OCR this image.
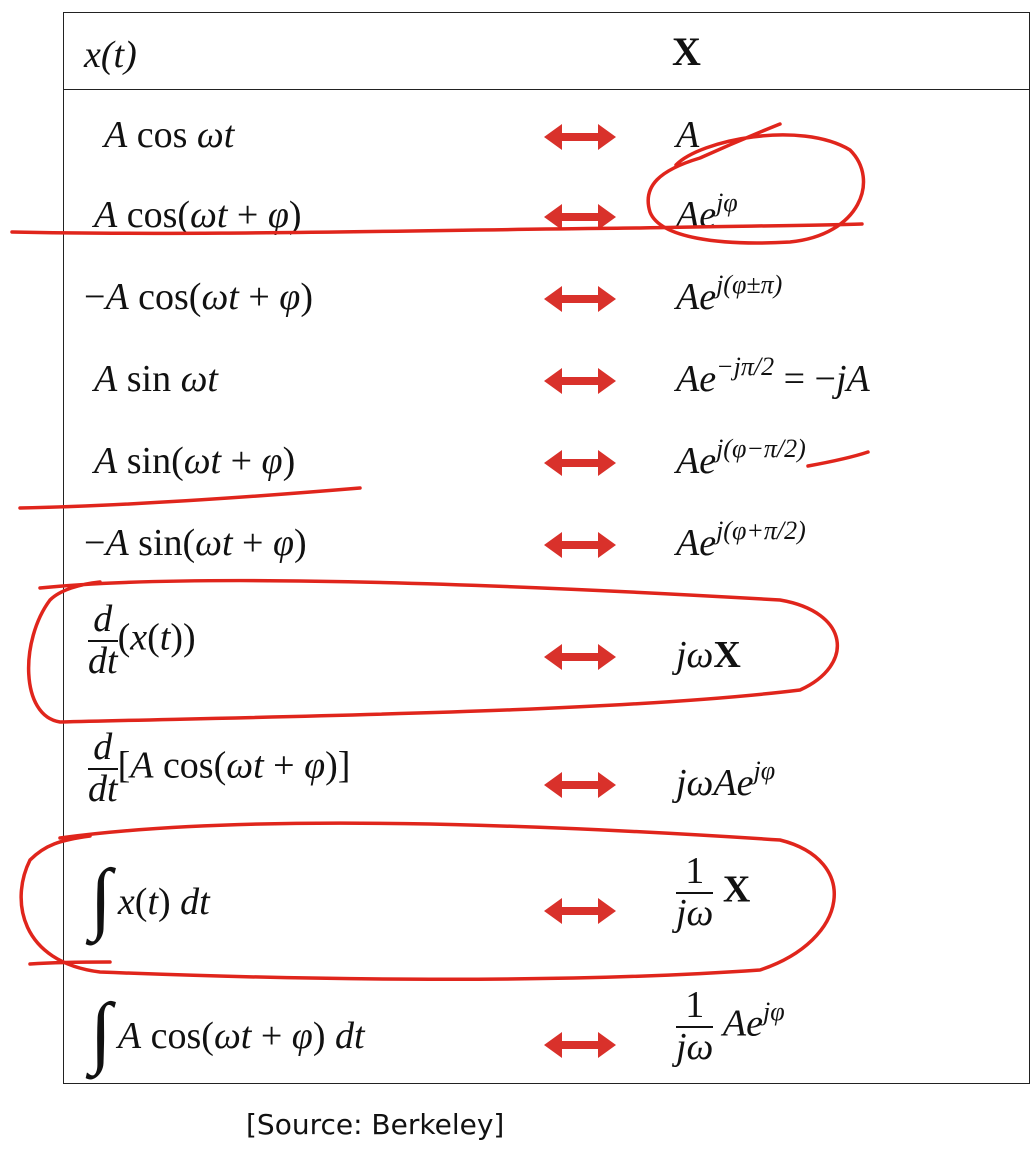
x(t)	X
A cos ωt	A
A cos(ωt + φ)	$Ae^{j\varphi}$
−A cos(ωt + φ)	$Ae^{j(\varphi\pm\pi)}$
A sin ωt	$Ae^{-j\pi/2} = -jA$
A sin(ωt + φ)	$Ae^{j(\varphi-\pi/2)}$
−A sin(ωt + φ)	$Ae^{j(\varphi+\pi/2)}$
$\frac{d}{dt} (x(t))$	jωX
$\frac{d}{dt} [A$ cos(ωt + φ)]	jωAe$^{j\varphi}$
∫ x(t) dt	$\frac{1}{j\omega}$ X
∫ A cos(ωt + φ) dt	$\frac{1}{j\omega} Ae^{j\varphi}$
[Source: Berkeley]
